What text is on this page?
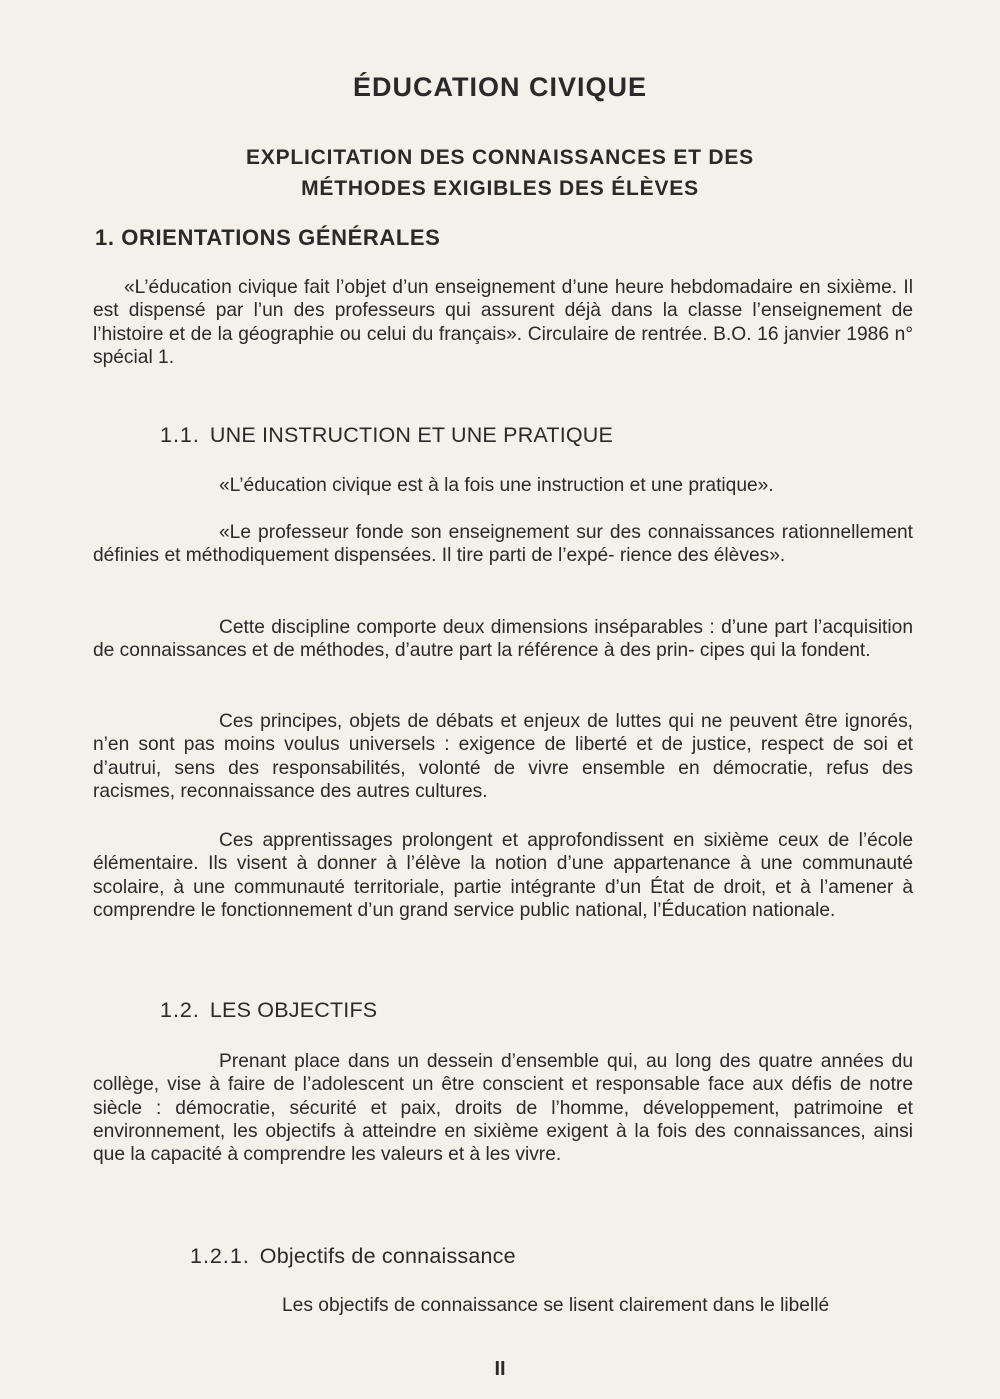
ÉDUCATION CIVIQUE
EXPLICITATION DES CONNAISSANCES ET DES
MÉTHODES EXIGIBLES DES ÉLÈVES
1. ORIENTATIONS GÉNÉRALES

«L’éducation civique fait l’objet d’un enseignement d’une heure hebdomadaire en sixième. Il est dispensé par l’un des professeurs qui assurent déjà dans la classe l’enseignement de l’histoire et de la géographie ou celui du français». Circulaire de rentrée. B.O. 16 janvier 1986 n° spécial 1.

1.1. UNE INSTRUCTION ET UNE PRATIQUE

«L’éducation civique est à la fois une instruction et une pratique».

«Le professeur fonde son enseignement sur des connaissances rationnellement définies et méthodiquement dispensées. Il tire parti de l’expé- rience des élèves».

Cette discipline comporte deux dimensions inséparables : d’une part l’acquisition de connaissances et de méthodes, d’autre part la référence à des prin- cipes qui la fondent.

Ces principes, objets de débats et enjeux de luttes qui ne peuvent être ignorés, n’en sont pas moins voulus universels : exigence de liberté et de justice, respect de soi et d’autrui, sens des responsabilités, volonté de vivre ensemble en démocratie, refus des racismes, reconnaissance des autres cultures.

Ces apprentissages prolongent et approfondissent en sixième ceux de l’école élémentaire. Ils visent à donner à l’élève la notion d’une appartenance à une communauté scolaire, à une communauté territoriale, partie intégrante d’un État de droit, et à l’amener à comprendre le fonctionnement d’un grand service public national, l’Éducation nationale.

1.2. LES OBJECTIFS

Prenant place dans un dessein d’ensemble qui, au long des quatre années du collège, vise à faire de l’adolescent un être conscient et responsable face aux défis de notre siècle : démocratie, sécurité et paix, droits de l’homme, développement, patrimoine et environnement, les objectifs à atteindre en sixième exigent à la fois des connaissances, ainsi que la capacité à comprendre les valeurs et à les vivre.

1.2.1. Objectifs de connaissance

Les objectifs de connaissance se lisent clairement dans le libellé

II
